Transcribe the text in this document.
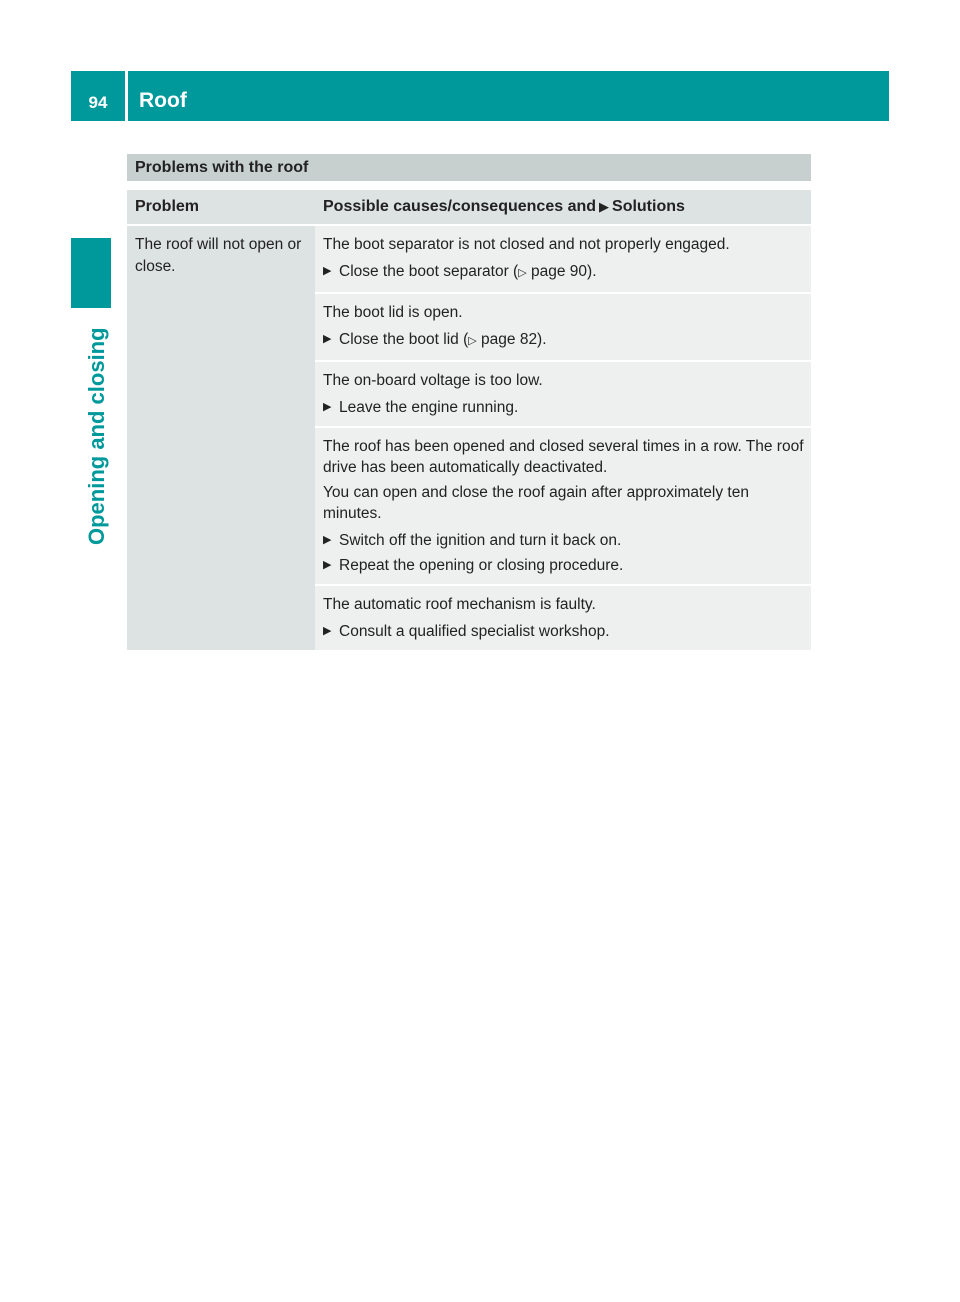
94	Roof
Opening and closing
Problems with the roof
Problem	Possible causes/consequences and ▶ Solutions
The roof will not open or close.

The boot separator is not closed and not properly engaged.

▶ Close the boot separator (▷ page 90).

The boot lid is open.

▶ Close the boot lid (▷ page 82).

The on-board voltage is too low.

▶ Leave the engine running.

The roof has been opened and closed several times in a row. The roof drive has been automatically deactivated.

You can open and close the roof again after approximately ten minutes.

▶ Switch off the ignition and turn it back on.
▶ Repeat the opening or closing procedure.

The automatic roof mechanism is faulty.

▶ Consult a qualified specialist workshop.
